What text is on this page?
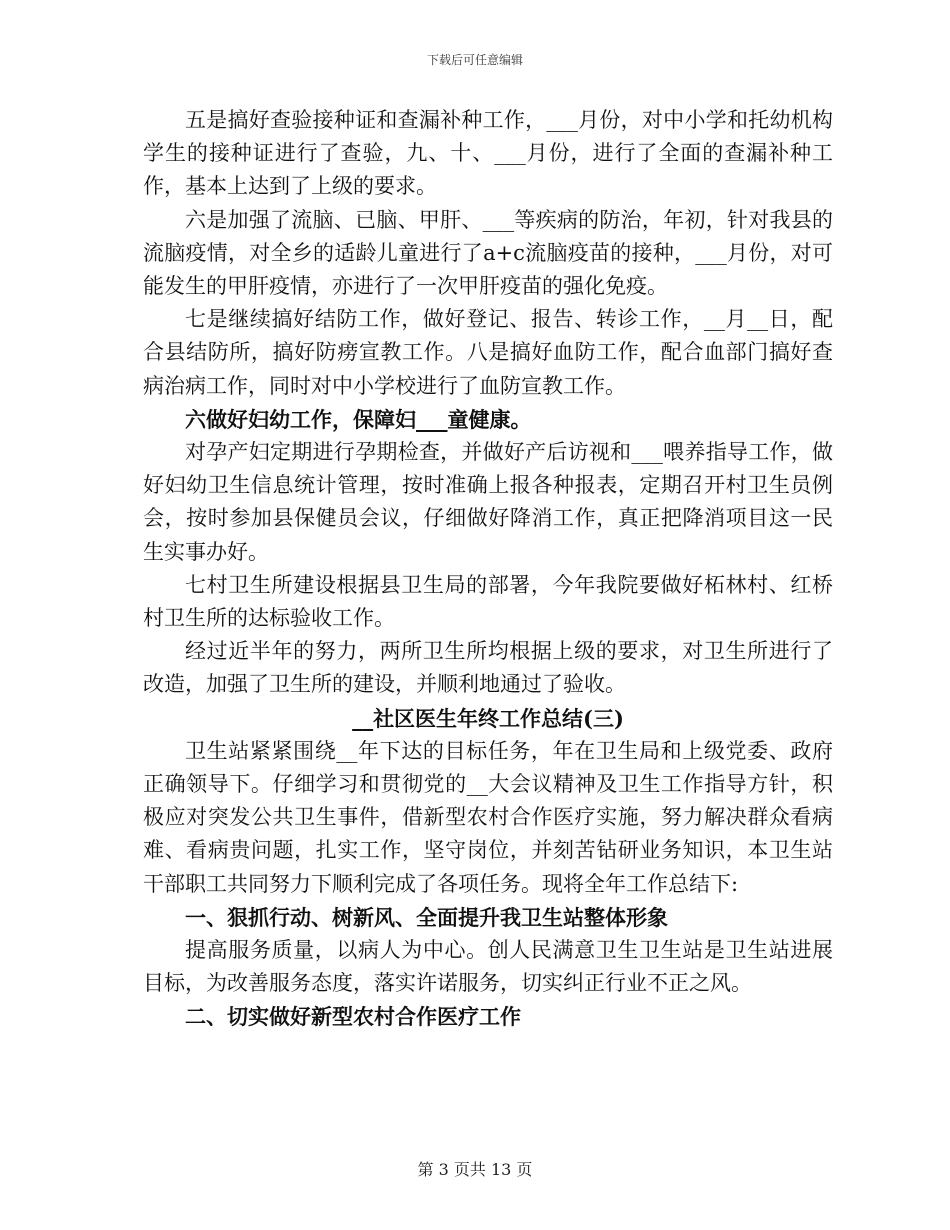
下载后可任意编辑

五是搞好查验接种证和查漏补种工作，___月份，对中小学和托幼机构学生的接种证进行了查验，九、十、___月份，进行了全面的查漏补种工作，基本上达到了上级的要求。

六是加强了流脑、已脑、甲肝、___等疾病的防治，年初，针对我县的流脑疫情，对全乡的适龄儿童进行了a+c流脑疫苗的接种，___月份，对可能发生的甲肝疫情，亦进行了一次甲肝疫苗的强化免疫。

七是继续搞好结防工作，做好登记、报告、转诊工作，__月__日，配合县结防所，搞好防痨宣教工作。八是搞好血防工作，配合血部门搞好查病治病工作，同时对中小学校进行了血防宣教工作。

六做好妇幼工作，保障妇___童健康。

对孕产妇定期进行孕期检查，并做好产后访视和___喂养指导工作，做好妇幼卫生信息统计管理，按时准确上报各种报表，定期召开村卫生员例会，按时参加县保健员会议，仔细做好降消工作，真正把降消项目这一民生实事办好。

七村卫生所建设根据县卫生局的部署，今年我院要做好柘林村、红桥村卫生所的达标验收工作。

经过近半年的努力，两所卫生所均根据上级的要求，对卫生所进行了改造，加强了卫生所的建设，并顺利地通过了验收。

__社区医生年终工作总结(三)

卫生站紧紧围绕__年下达的目标任务，年在卫生局和上级党委、政府正确领导下。仔细学习和贯彻党的__大会议精神及卫生工作指导方针，积极应对突发公共卫生事件，借新型农村合作医疗实施，努力解决群众看病难、看病贵问题，扎实工作，坚守岗位，并刻苦钻研业务知识，本卫生站干部职工共同努力下顺利完成了各项任务。现将全年工作总结下:

一、狠抓行动、树新风、全面提升我卫生站整体形象

提高服务质量，以病人为中心。创人民满意卫生卫生站是卫生站进展目标，为改善服务态度，落实许诺服务，切实纠正行业不正之风。

二、切实做好新型农村合作医疗工作

第 3 页共 13 页
